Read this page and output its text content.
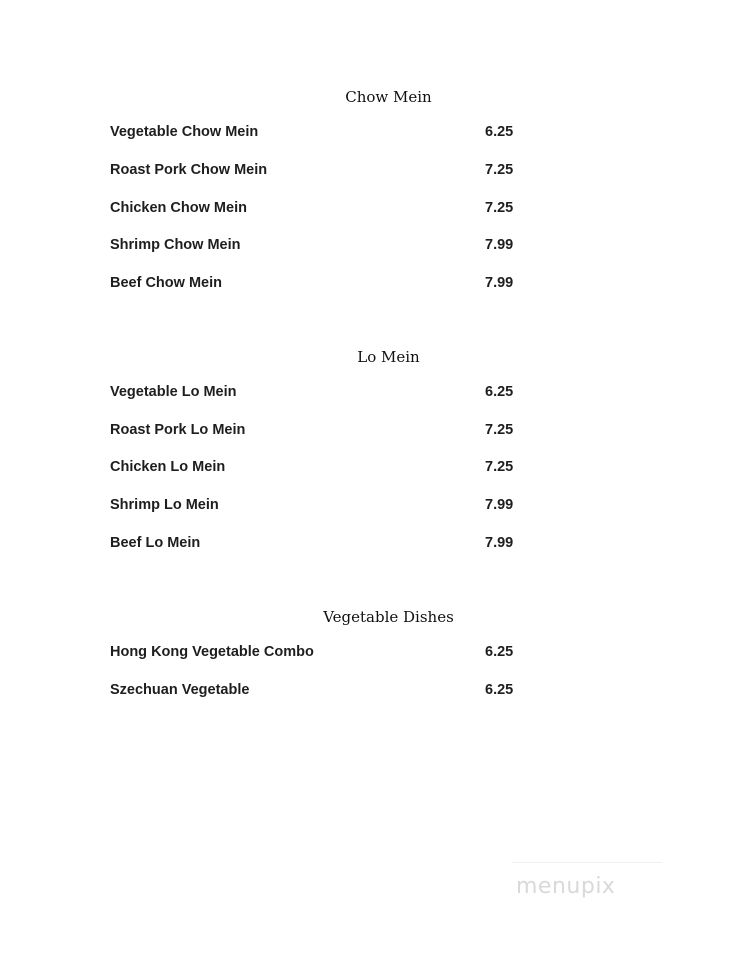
Chow Mein
Vegetable Chow Mein	6.25
Roast Pork Chow Mein	7.25
Chicken Chow Mein	7.25
Shrimp Chow Mein	7.99
Beef Chow Mein	7.99
Lo Mein
Vegetable Lo Mein	6.25
Roast Pork Lo Mein	7.25
Chicken Lo Mein	7.25
Shrimp Lo Mein	7.99
Beef Lo Mein	7.99
Vegetable Dishes
Hong Kong Vegetable Combo	6.25
Szechuan Vegetable	6.25
menupix
